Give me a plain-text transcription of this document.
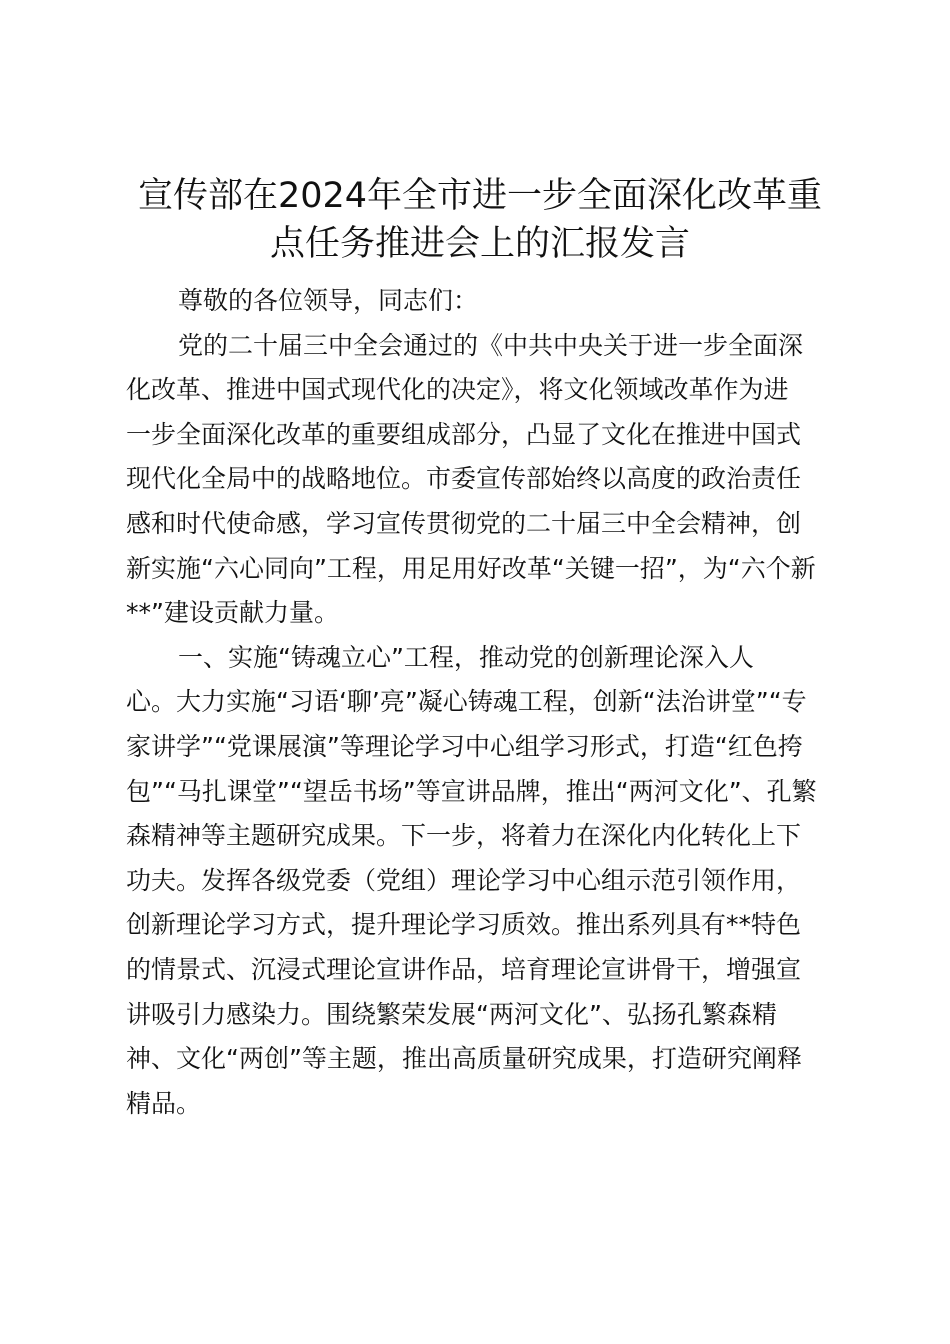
宣传部在2024年全市进一步全面深化改革重
点任务推进会上的汇报发言

尊敬的各位领导，同志们：

党的二十届三中全会通过的《中共中央关于进一步全面深
化改革、推进中国式现代化的决定》，将文化领域改革作为进
一步全面深化改革的重要组成部分，凸显了文化在推进中国式
现代化全局中的战略地位。市委宣传部始终以高度的政治责任
感和时代使命感，学习宣传贯彻党的二十届三中全会精神，创
新实施“六心同向”工程，用足用好改革“关键一招”，为“六个新
**”建设贡献力量。

一、实施“铸魂立心”工程，推动党的创新理论深入人
心。大力实施“习语‘聊’亮”凝心铸魂工程，创新“法治讲堂”“专
家讲学”“党课展演”等理论学习中心组学习形式，打造“红色挎
包”“马扎课堂”“望岳书场”等宣讲品牌，推出“两河文化”、孔繁
森精神等主题研究成果。下一步，将着力在深化内化转化上下
功夫。发挥各级党委（党组）理论学习中心组示范引领作用，
创新理论学习方式，提升理论学习质效。推出系列具有**特色
的情景式、沉浸式理论宣讲作品，培育理论宣讲骨干，增强宣
讲吸引力感染力。围绕繁荣发展“两河文化”、弘扬孔繁森精
神、文化“两创”等主题，推出高质量研究成果，打造研究阐释
精品。
